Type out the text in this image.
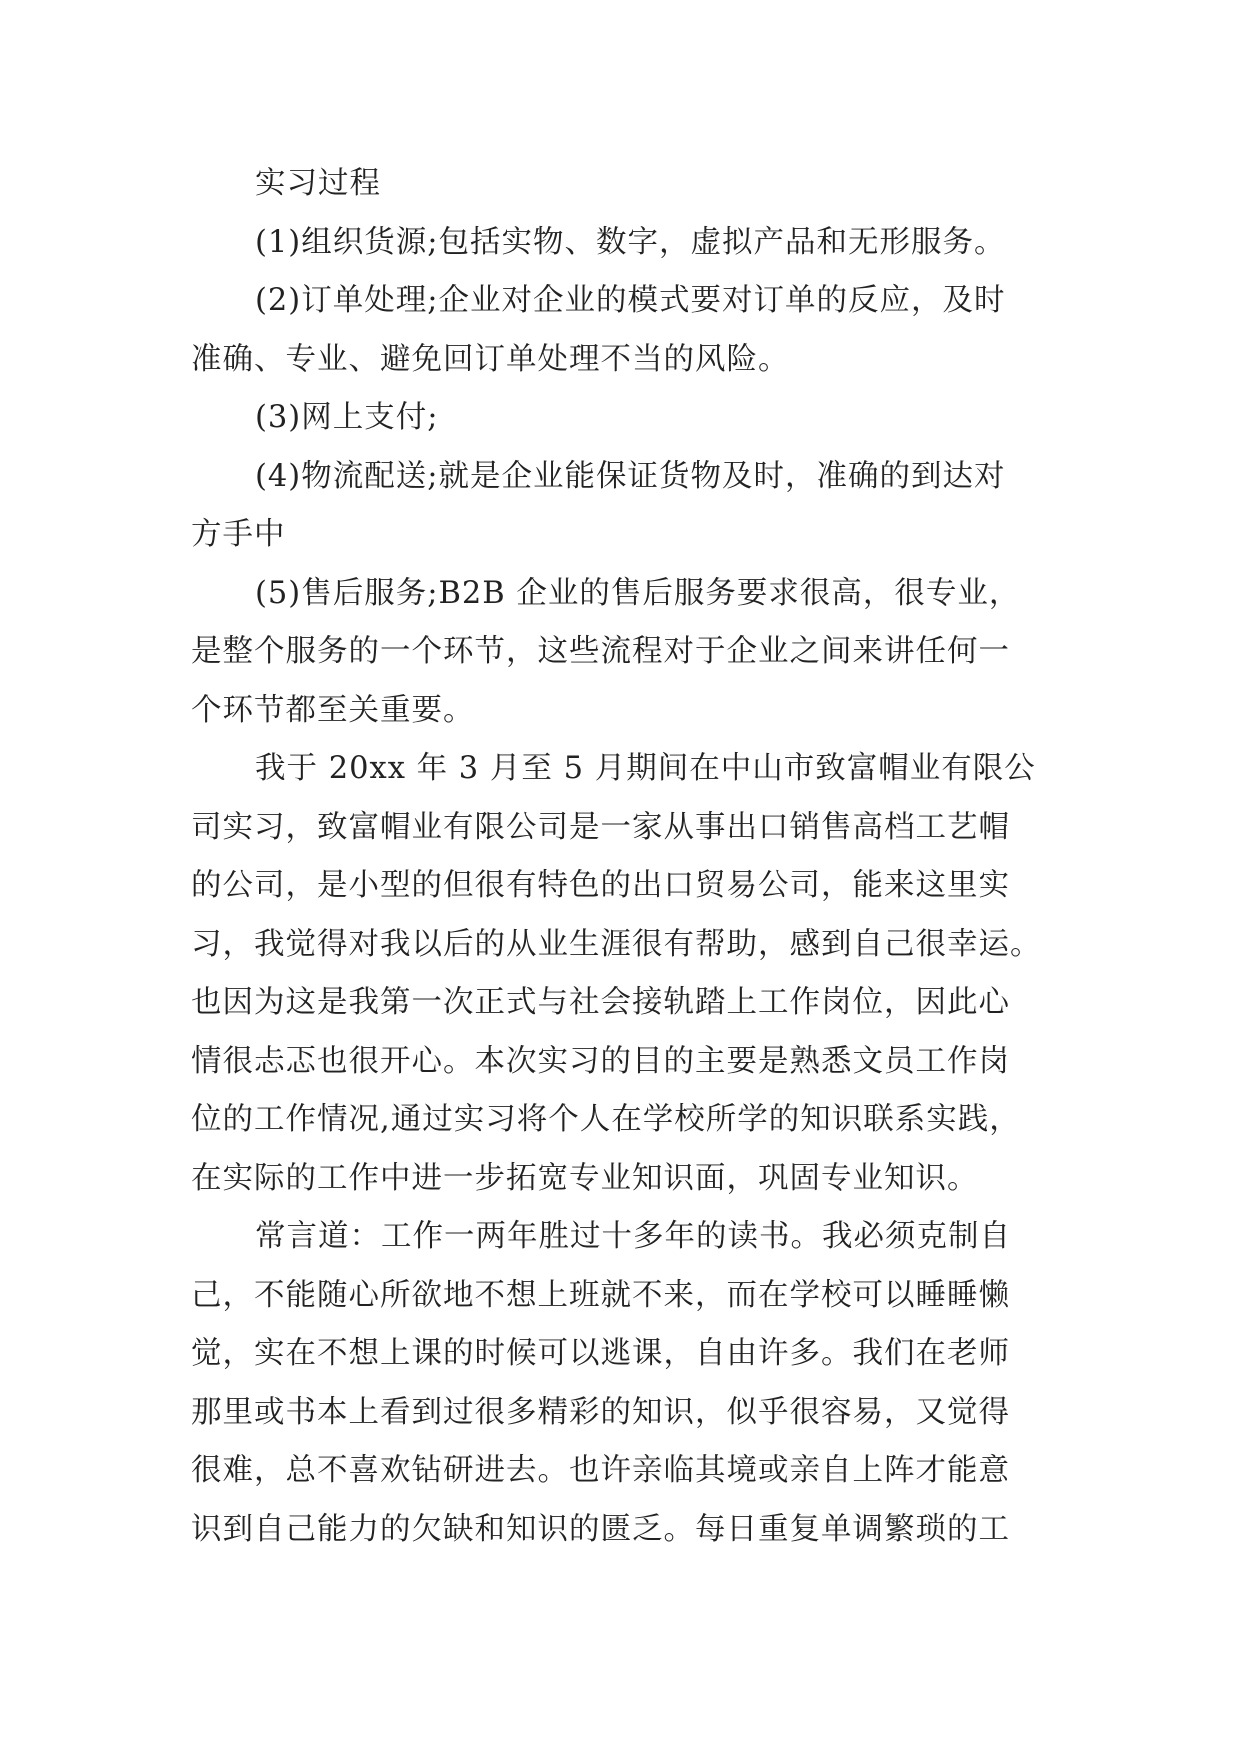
实习过程
(1)组织货源;包括实物、数字，虚拟产品和无形服务。
(2)订单处理;企业对企业的模式要对订单的反应，及时
准确、专业、避免回订单处理不当的风险。
(3)网上支付;
(4)物流配送;就是企业能保证货物及时，准确的到达对
方手中
(5)售后服务;B2B 企业的售后服务要求很高，很专业，
是整个服务的一个环节，这些流程对于企业之间来讲任何一
个环节都至关重要。
我于 20xx 年 3 月至 5 月期间在中山市致富帽业有限公
司实习，致富帽业有限公司是一家从事出口销售高档工艺帽
的公司，是小型的但很有特色的出口贸易公司，能来这里实
习，我觉得对我以后的从业生涯很有帮助，感到自己很幸运。
也因为这是我第一次正式与社会接轨踏上工作岗位，因此心
情很忐忑也很开心。本次实习的目的主要是熟悉文员工作岗
位的工作情况,通过实习将个人在学校所学的知识联系实践，
在实际的工作中进一步拓宽专业知识面，巩固专业知识。
常言道：工作一两年胜过十多年的读书。我必须克制自
己，不能随心所欲地不想上班就不来，而在学校可以睡睡懒
觉，实在不想上课的时候可以逃课，自由许多。我们在老师
那里或书本上看到过很多精彩的知识，似乎很容易，又觉得
很难，总不喜欢钻研进去。也许亲临其境或亲自上阵才能意
识到自己能力的欠缺和知识的匮乏。每日重复单调繁琐的工
